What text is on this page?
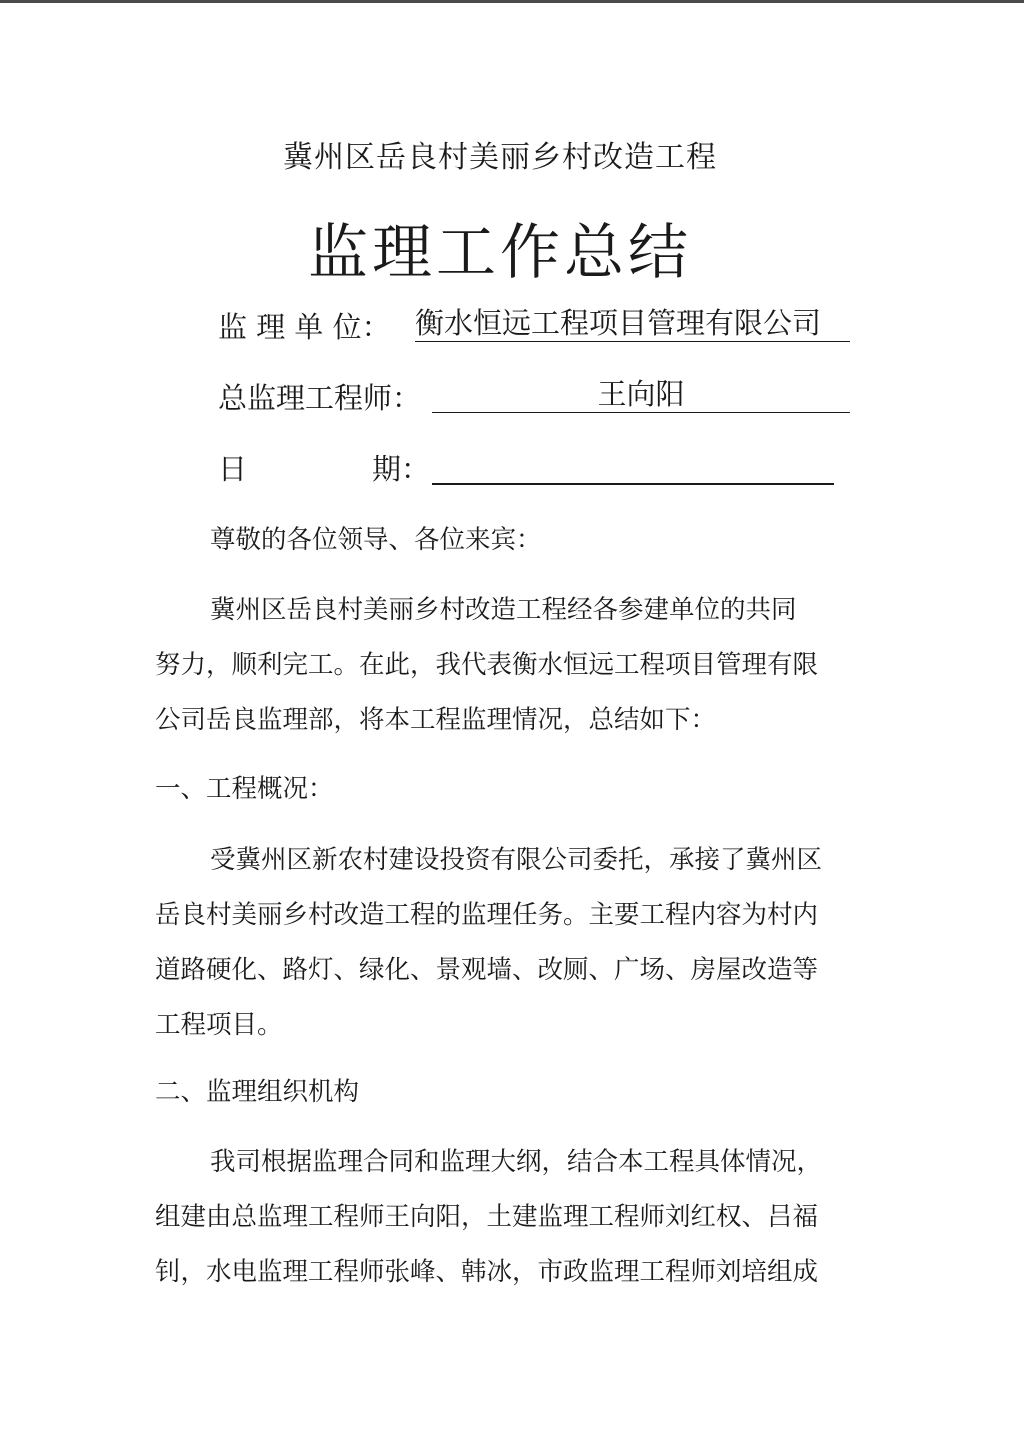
冀州区岳良村美丽乡村改造工程
监理工作总结
监 理 单 位： 衡水恒远工程项目管理有限公司
总监理工程师：	王向阳
日	期：
尊敬的各位领导、各位来宾：
冀州区岳良村美丽乡村改造工程经各参建单位的共同
努力，顺利完工。在此，我代表衡水恒远工程项目管理有限
公司岳良监理部，将本工程监理情况，总结如下：
一、工程概况：
受冀州区新农村建设投资有限公司委托，承接了冀州区
岳良村美丽乡村改造工程的监理任务。主要工程内容为村内
道路硬化、路灯、绿化、景观墙、改厕、广场、房屋改造等
工程项目。
二、监理组织机构
我司根据监理合同和监理大纲，结合本工程具体情况，
组建由总监理工程师王向阳，土建监理工程师刘红权、吕福
钊，水电监理工程师张峰、韩冰，市政监理工程师刘培组成
